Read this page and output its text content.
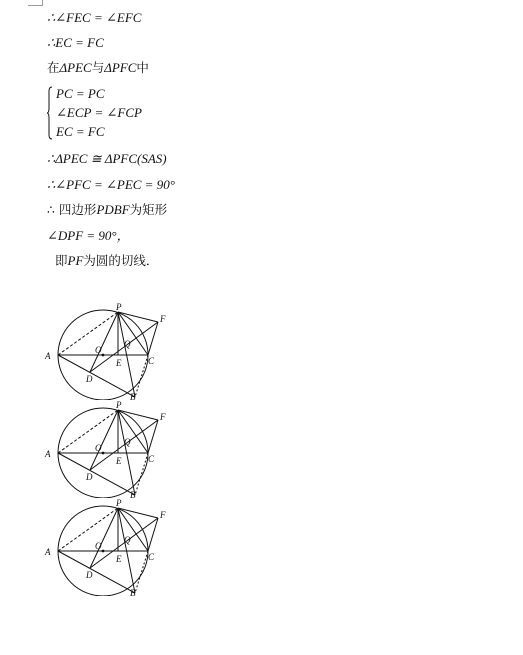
∴∠FEC = ∠EFC
∴EC = FC
在ΔPEC与ΔPFC中
PC = PC
∠ECP = ∠FCP
EC = FC
∴ΔPEC ≅ ΔPFC(SAS)
∴∠PFC = ∠PEC = 90°
∴ 四边形PDBF为矩形
∠DPF = 90°，
即PF为圆的切线．
P
F
A
O
Q
C
D
E
B
P
F
A
O
Q
C
D
E
B
P
F
A
O
Q
C
D
E
B
